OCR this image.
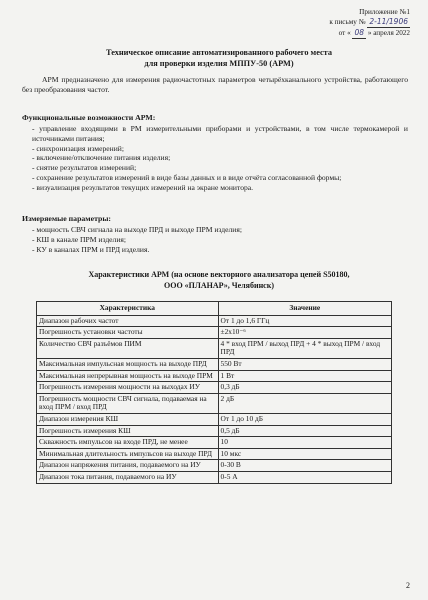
Приложение №1
к письму № 2-11/1906
от « 08 » апреля 2022
Техническое описание автоматизированного рабочего места
для проверки изделия МППУ-50 (АРМ)
АРМ предназначено для измерения радиочастотных параметров четырёхканального устройства, работающего без преобразования частот.
Функциональные возможности АРМ:
- управление входящими в РМ измерительными приборами и устройствами, в том числе термокамерой и источниками питания;
- синхронизация измерений;
- включение/отключение питания изделия;
- снятие результатов измерений;
- сохранение результатов измерений в виде базы данных и в виде отчёта согласованной формы;
- визуализация результатов текущих измерений на экране монитора.
Измеряемые параметры:
- мощность СВЧ сигнала на выходе ПРД и выходе ПРМ изделия;
- КШ в канале ПРМ изделия;
- КУ в каналах ПРМ и ПРД изделия.
Характеристики АРМ (на основе векторного анализатора цепей S50180,
ООО «ПЛАНАР», Челябинск)
Характеристика	Значение
Диапазон рабочих частот	От 1 до 1,6 ГГц
Погрешность установки частоты	±2x10⁻⁶
Количество СВЧ разъёмов ПИМ	4 * вход ПРМ / выход ПРД + 4 * выход ПРМ / вход ПРД
Максимальная импульсная мощность на выходе ПРД	550 Вт
Максимальная непрерывная мощность на выходе ПРМ	1 Вт
Погрешность измерения мощности на выходах ИУ	0,3 дБ
Погрешность мощности СВЧ сигнала, подаваемая на вход ПРМ / вход ПРД	2 дБ
Диапазон измерения КШ	От 1 до 10 дБ
Погрешность измерения КШ	0,5 дБ
Скважность импульсов на входе ПРД, не менее	10
Минимальная длительность импульсов на выходе ПРД	10 мкс
Диапазон напряжения питания, подаваемого на ИУ	0-30 В
Диапазон тока питания, подаваемого на ИУ	0-5 А
2
